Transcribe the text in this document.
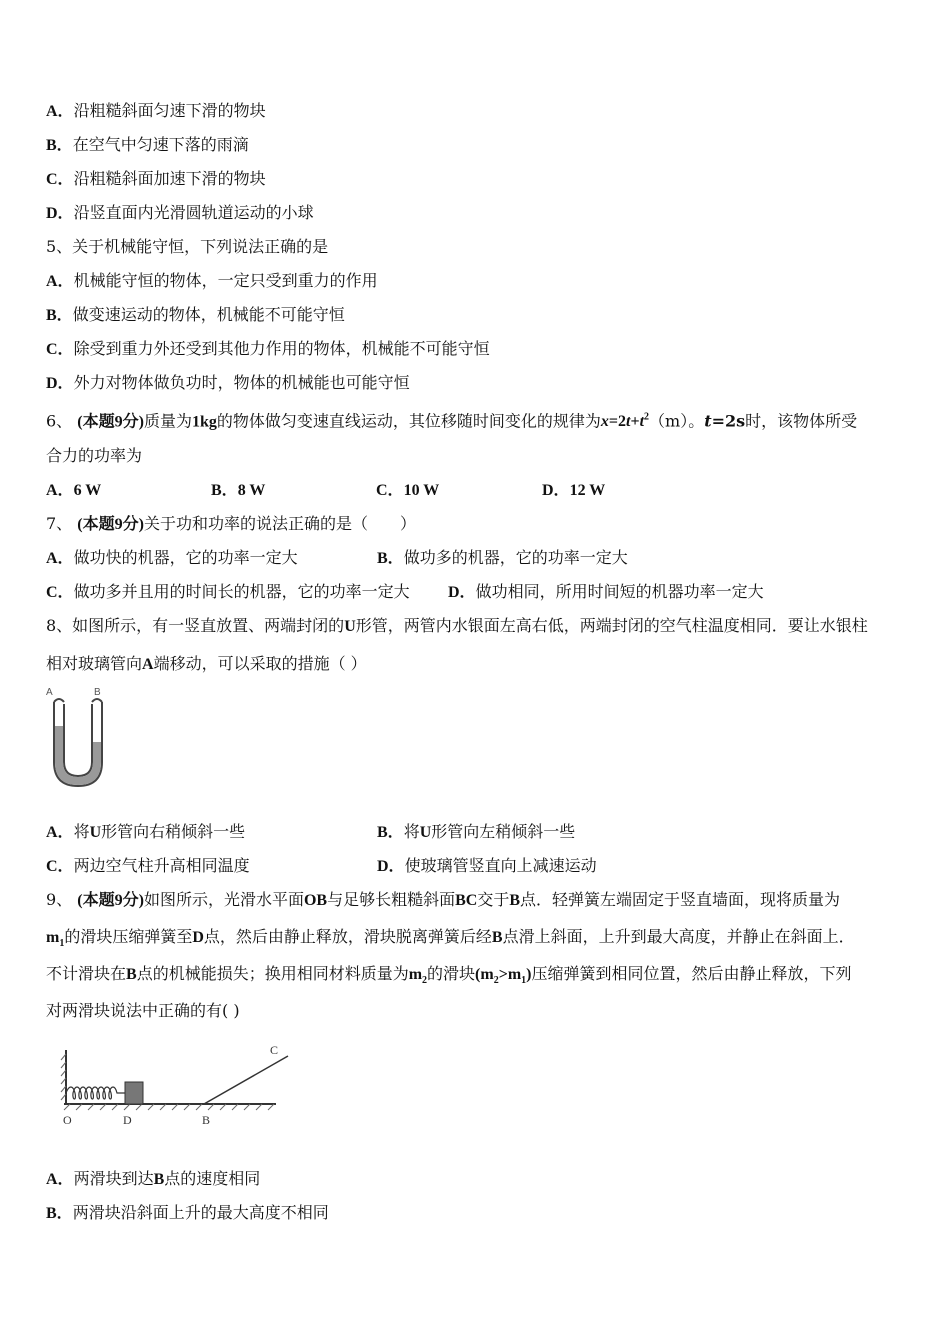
A．沿粗糙斜面匀速下滑的物块
B．在空气中匀速下落的雨滴
C．沿粗糙斜面加速下滑的物块
D．沿竖直面内光滑圆轨道运动的小球
5、关于机械能守恒，下列说法正确的是
A．机械能守恒的物体，一定只受到重力的作用
B．做变速运动的物体，机械能不可能守恒
C．除受到重力外还受到其他力作用的物体，机械能不可能守恒
D．外力对物体做负功时，物体的机械能也可能守恒
6、 (本题9分)质量为1kg的物体做匀变速直线运动，其位移随时间变化的规律为$x=2t+t^2(m)$。t=2s时，该物体所受
合力的功率为
A．6 W	B．8 W	C．10 W	D．12 W
7、 (本题9分)关于功和功率的说法正确的是（　　）
A．做功快的机器，它的功率一定大	B．做功多的机器，它的功率一定大
C．做功多并且用的时间长的机器，它的功率一定大 D．做功相同，所用时间短的机器功率一定大
8、如图所示，有一竖直放置、两端封闭的U形管，两管内水银面左高右低，两端封闭的空气柱温度相同．要让水银柱
相对玻璃管向A端移动，可以采取的措施（ ）
A	B
A．将U形管向右稍倾斜一些	B．将U形管向左稍倾斜一些
C．两边空气柱升高相同温度	D．使玻璃管竖直向上减速运动
9、 (本题9分)如图所示，光滑水平面OB与足够长粗糙斜面BC交于B点．轻弹簧左端固定于竖直墙面，现将质量为
$m_1$的滑块压缩弹簧至D点，然后由静止释放，滑块脱离弹簧后经B点滑上斜面，上升到最大高度，并静止在斜面上．
不计滑块在B点的机械能损失；换用相同材料质量为$m_2$的滑块$(m_2>m_1)$压缩弹簧到相同位置，然后由静止释放，下列
对两滑块说法中正确的有( )
O	D	B
C
A．两滑块到达B点的速度相同
B．两滑块沿斜面上升的最大高度不相同
